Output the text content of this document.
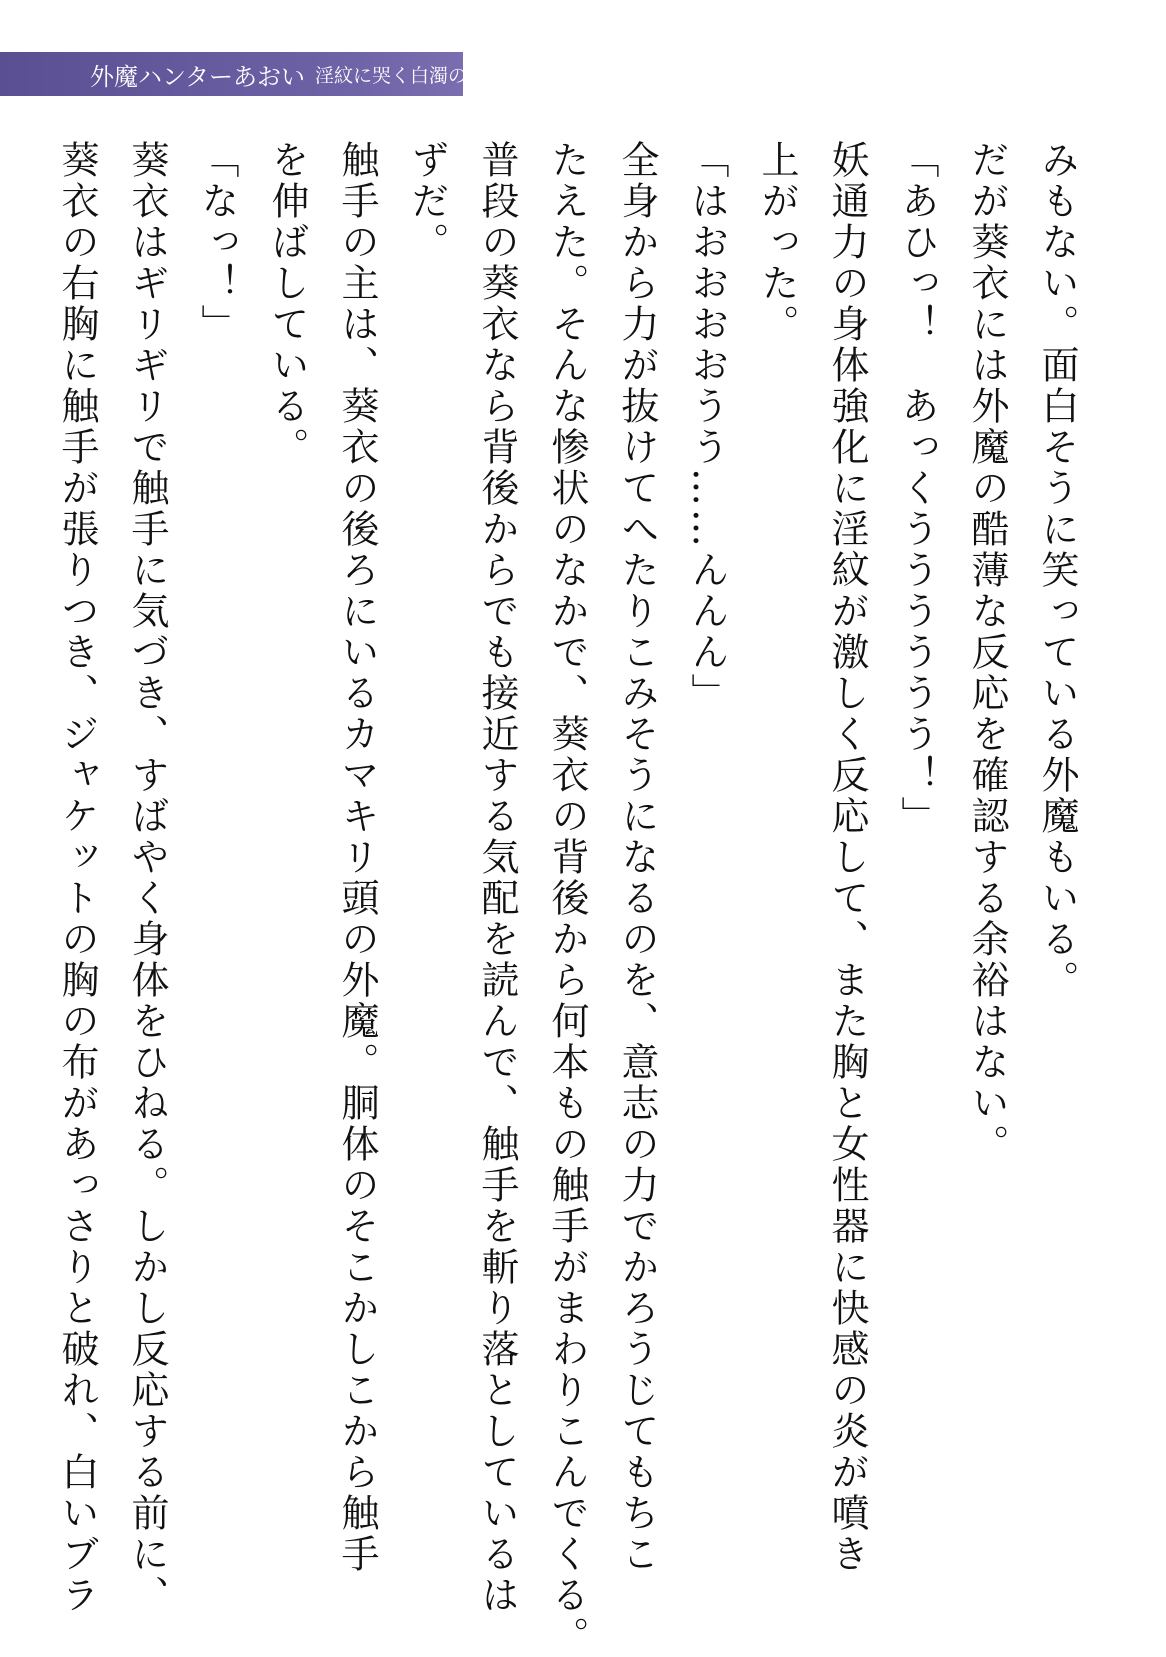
外魔ハンターあおい 淫紋に哭く白濁の夜

みもない。面白そうに笑っている外魔もいる。

だが葵衣には外魔の酷薄な反応を確認する余裕はない。

「あひっ！　あっくうううううう！」

妖通力の身体強化に淫紋が激しく反応して、また胸と女性器に快感の炎が噴き

上がった。

「はおおおおうう……んんん」

全身から力が抜けてへたりこみそうになるのを、意志の力でかろうじてもちこ

たえた。そんな惨状のなかで、葵衣の背後から何本もの触手がまわりこんでくる。

普段の葵衣なら背後からでも接近する気配を読んで、触手を斬り落としているは

ずだ。

触手の主は、葵衣の後ろにいるカマキリ頭の外魔。胴体のそこかしこから触手

を伸ばしている。

「なっ！」

葵衣はギリギリで触手に気づき、すばやく身体をひねる。しかし反応する前に、

葵衣の右胸に触手が張りつき、ジャケットの胸の布があっさりと破れ、白いブラ
